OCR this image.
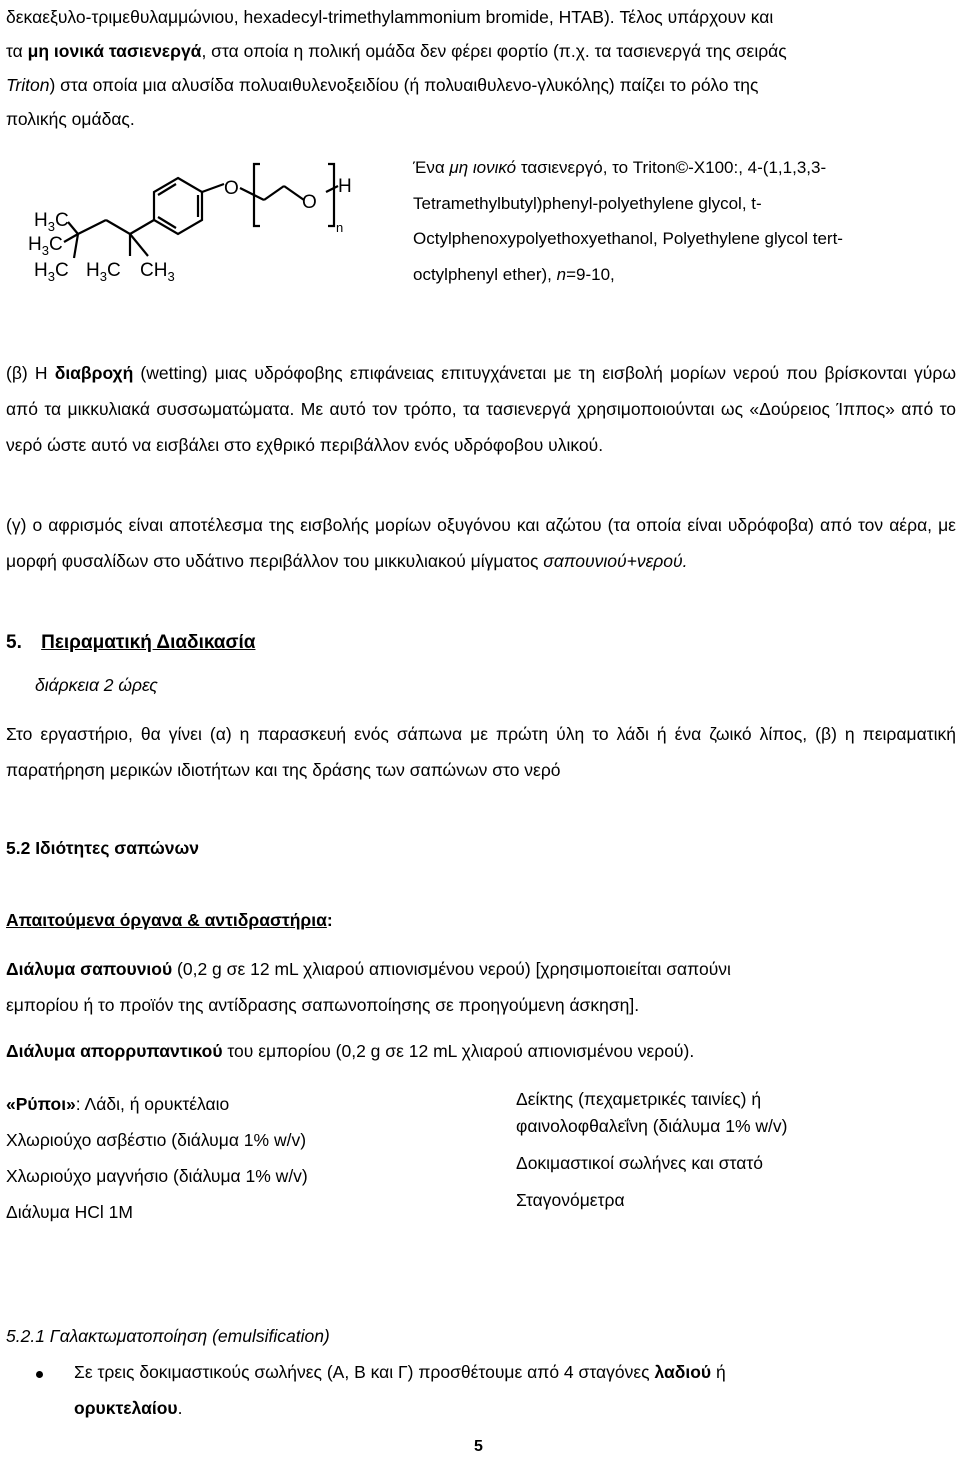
δεκαεξυλο-τριμεθυλαμμώνιου, hexadecyl-trimethylammonium bromide, HTAB). Τέλος υπάρχουν και
τα μη ιονικά τασιενεργά, στα οποία η πολική ομάδα δεν φέρει φορτίο (π.χ. τα τασιενεργά της σειράς
Triton) στα οποία μια αλυσίδα πολυαιθυλενοξειδίου (ή πολυαιθυλενο-γλυκόλης) παίζει το ρόλο της
πολικής ομάδας.
O
O
H
n
$H_3C$
$H_3C$
$H_3C$ $H_3C$ $CH_3$
Ένα μη ιονικό τασιενεργό, το Triton©-X100:, 4-(1,1,3,3-
Tetramethylbutyl)phenyl-polyethylene glycol, t-
Octylphenoxypolyethoxyethanol, Polyethylene glycol tert-
octylphenyl ether), n=9-10,

(β) Η διαβροχή (wetting) μιας υδρόφοβης επιφάνειας επιτυγχάνεται με τη εισβολή μορίων νερού που βρίσκονται γύρω από τα μικκυλιακά συσσωματώματα. Με αυτό τον τρόπο, τα τασιενεργά χρησιμοποιούνται ως «Δούρειος Ίππος» από το νερό ώστε αυτό να εισβάλει στο εχθρικό περιβάλλον ενός υδρόφοβου υλικού.

(γ) ο αφρισμός είναι αποτέλεσμα της εισβολής μορίων οξυγόνου και αζώτου (τα οποία είναι υδρόφοβα) από τον αέρα, με μορφή φυσαλίδων στο υδάτινο περιβάλλον του μικκυλιακού μίγματος σαπουνιού+νερού.

5. Πειραματική Διαδικασία
διάρκεια 2 ώρες

Στο εργαστήριο, θα γίνει (α) η παρασκευή ενός σάπωνα με πρώτη ύλη το λάδι ή ένα ζωικό λίπος, (β) η πειραματική παρατήρηση μερικών ιδιοτήτων και της δράσης των σαπώνων στο νερό

5.2 Ιδιότητες σαπώνων
Απαιτούμενα όργανα & αντιδραστήρια:
Διάλυμα σαπουνιού (0,2 g σε 12 mL χλιαρού απιονισμένου νερού) [χρησιμοποιείται σαπούνι
εμπορίου ή το προϊόν της αντίδρασης σαπωνοποίησης σε προηγούμενη άσκηση].
Διάλυμα απορρυπαντικού του εμπορίου (0,2 g σε 12 mL χλιαρού απιονισμένου νερού).
«Ρύποι»: Λάδι, ή ορυκτέλαιο
Χλωριούχο ασβέστιο (διάλυμα 1% w/v)
Χλωριούχο μαγνήσιο (διάλυμα 1% w/v)
Διάλυμα HCl 1M
Δείκτης (πεχαμετρικές ταινίες) ή
φαινολοφθαλεΐνη (διάλυμα 1% w/v)
Δοκιμαστικοί σωλήνες και στατό
Σταγονόμετρα
5.2.1 Γαλακτωματοποίηση (emulsification)
Σε τρεις δοκιμαστικούς σωλήνες (Α, Β και Γ) προσθέτουμε από 4 σταγόνες λαδιού ή
ορυκτελαίου.
5
